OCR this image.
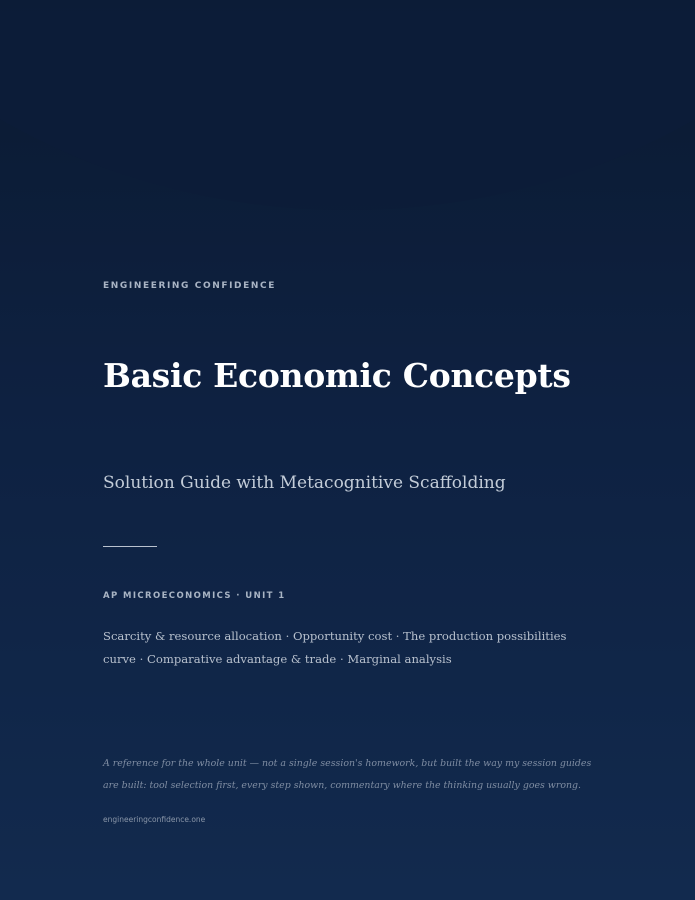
ENGINEERING CONFIDENCE
Basic Economic Concepts
Solution Guide with Metacognitive Scaffolding
AP MICROECONOMICS · UNIT 1
Scarcity & resource allocation · Opportunity cost · The production possibilities curve · Comparative advantage & trade · Marginal analysis
A reference for the whole unit — not a single session's homework, but built the way my session guides are built: tool selection first, every step shown, commentary where the thinking usually goes wrong.
engineeringconfidence.one
